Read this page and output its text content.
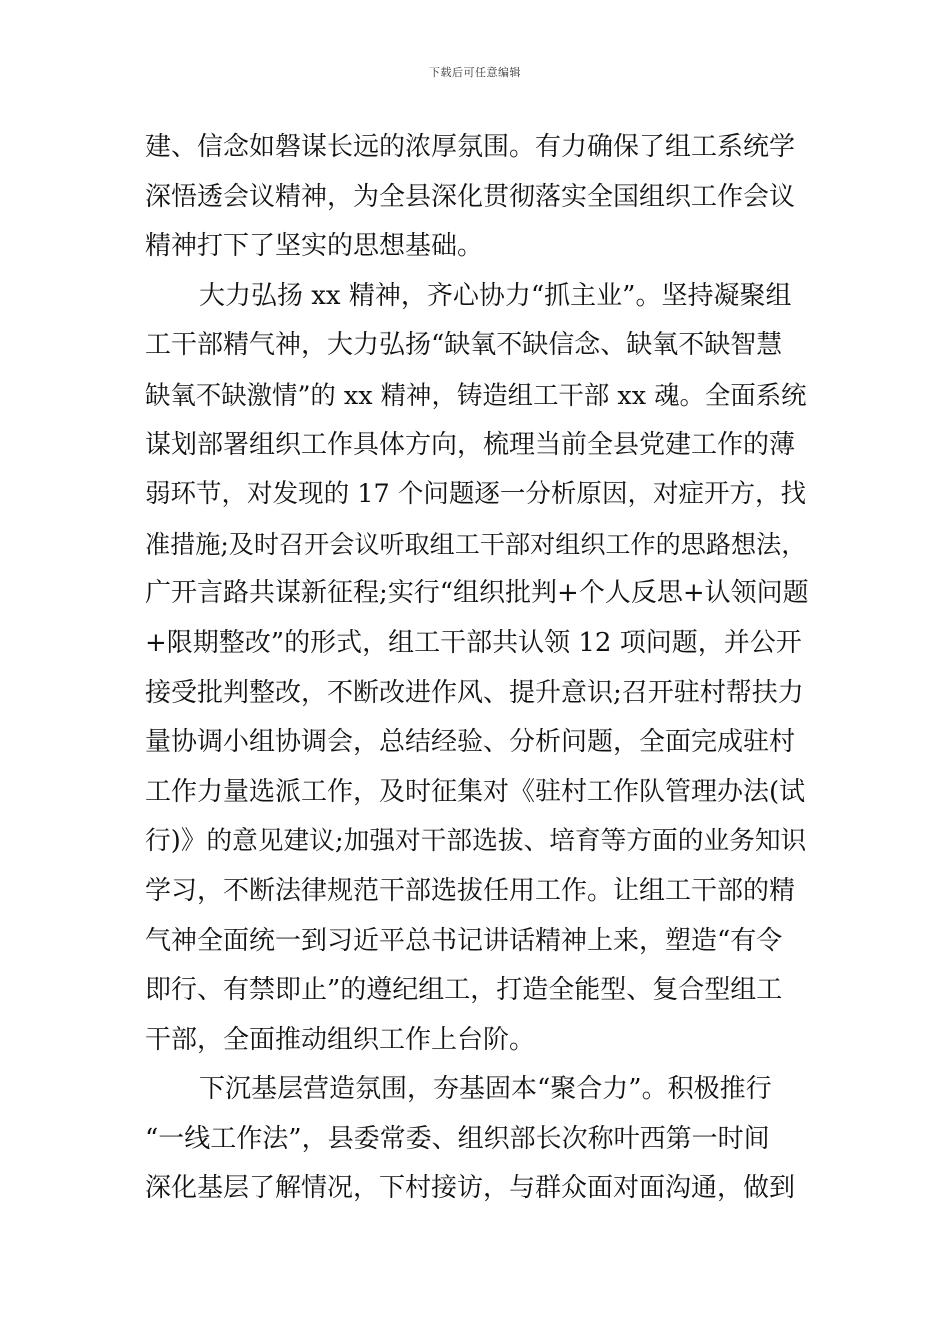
下载后可任意编辑
建、信念如磐谋长远的浓厚氛围。有力确保了组工系统学
深悟透会议精神，为全县深化贯彻落实全国组织工作会议
精神打下了坚实的思想基础。
大力弘扬 xx 精神，齐心协力“抓主业”。坚持凝聚组
工干部精气神，大力弘扬“缺氧不缺信念、缺氧不缺智慧
缺氧不缺激情”的 xx 精神，铸造组工干部 xx 魂。全面系统
谋划部署组织工作具体方向，梳理当前全县党建工作的薄
弱环节，对发现的 17 个问题逐一分析原因，对症开方，找
准措施;及时召开会议听取组工干部对组织工作的思路想法，
广开言路共谋新征程;实行“组织批判+个人反思+认领问题
+限期整改”的形式，组工干部共认领 12 项问题，并公开
接受批判整改，不断改进作风、提升意识;召开驻村帮扶力
量协调小组协调会，总结经验、分析问题，全面完成驻村
工作力量选派工作，及时征集对《驻村工作队管理办法(试
行)》的意见建议;加强对干部选拔、培育等方面的业务知识
学习，不断法律规范干部选拔任用工作。让组工干部的精
气神全面统一到习近平总书记讲话精神上来，塑造“有令
即行、有禁即止”的遵纪组工，打造全能型、复合型组工
干部，全面推动组织工作上台阶。
下沉基层营造氛围，夯基固本“聚合力”。积极推行
“一线工作法”，县委常委、组织部长次称叶西第一时间
深化基层了解情况，下村接访，与群众面对面沟通，做到
